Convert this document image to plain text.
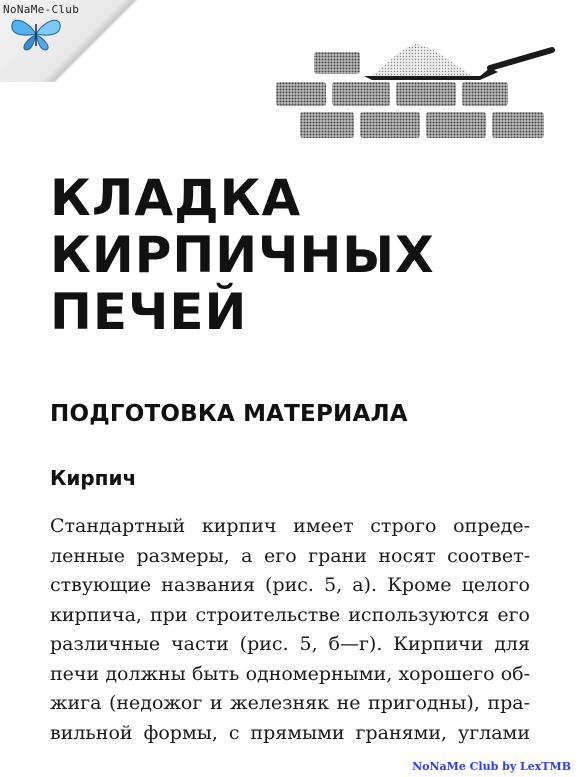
NoNaMe-Club
КЛАДКА
КИРПИЧНЫХ
ПЕЧЕЙ
ПОДГОТОВКА МАТЕРИАЛА
Кирпич
Стандартный кирпич имеет строго опреде-
ленные размеры, а его грани носят соответ-
ствующие названия (рис. 5, а). Кроме целого
кирпича, при строительстве используются его
различные части (рис. 5, б—г). Кирпичи для
печи должны быть одномерными, хорошего об-
жига (недожог и железняк не пригодны), пра-
вильной формы, с прямыми гранями, углами
NoNaMe Club by LexTMB
